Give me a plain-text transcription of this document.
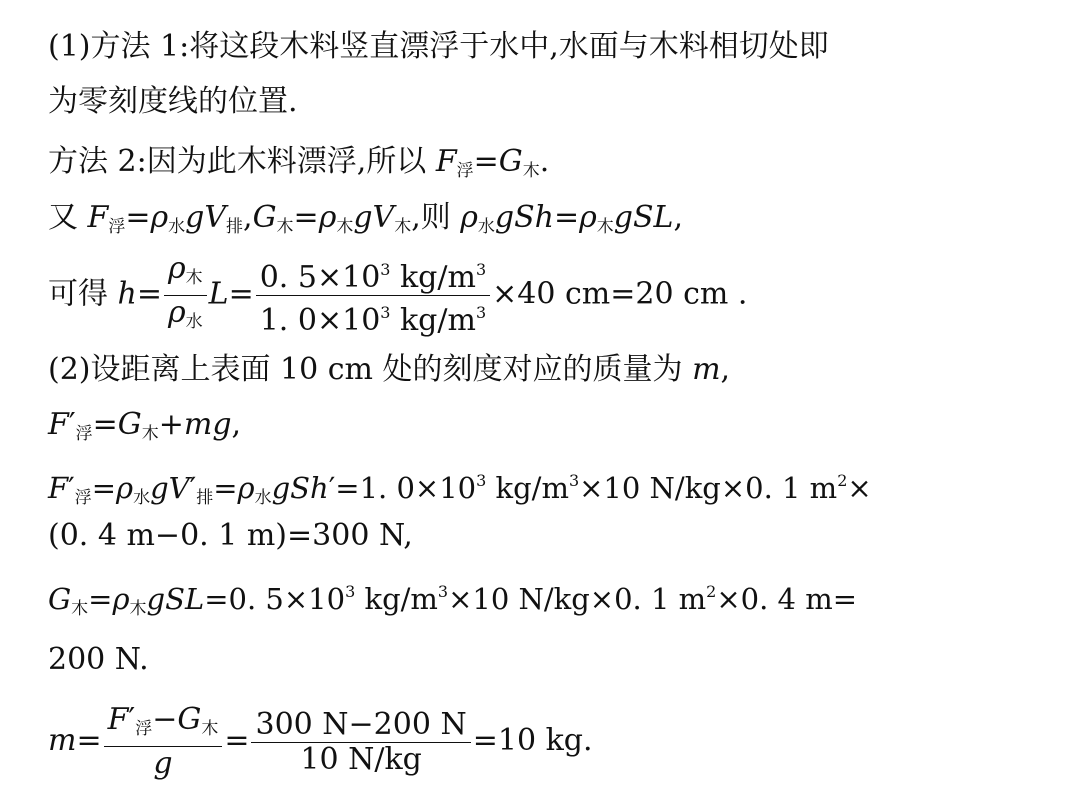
(1)方法 1:将这段木料竖直漂浮于水中,水面与木料相切处即
为零刻度线的位置.
方法 2:因为此木料漂浮,所以 $F_浮=G_木$.
又 $F_浮=\rho_水gV_排,G_木=\rho_木gV_木$,则 $\rho_水gSh=\rho_木gSL$,
可得 $h= \frac{\rho_木}{\rho_水} L= \frac{0. 5\times 10^3 kg/m^3}{1. 0\times 10^3 kg/m^3} \times 40$ cm=20 cm .
(2)设距离上表面 10 cm 处的刻度对应的质量为 m,
$F'_浮=G_木+mg$,
$F'_浮=\rho_水gV'_排=\rho_水gSh'=1$. $0\times 10^3$ $kg/m^3\times 10$ N/kg×0. 1 $m^2\times$
(0. 4 m−0. 1 m)=300 N,
$G_木=\rho_木gSL=0$. $5\times 10^3$ $kg/m^3\times 10$ N/kg×0. 1 $m^2\times 0$. 4 m=
200 N.
$m= \frac{F'_浮-G_木}{g} = \frac{300 N-200 N}{10 N/kg} =10$ kg.
